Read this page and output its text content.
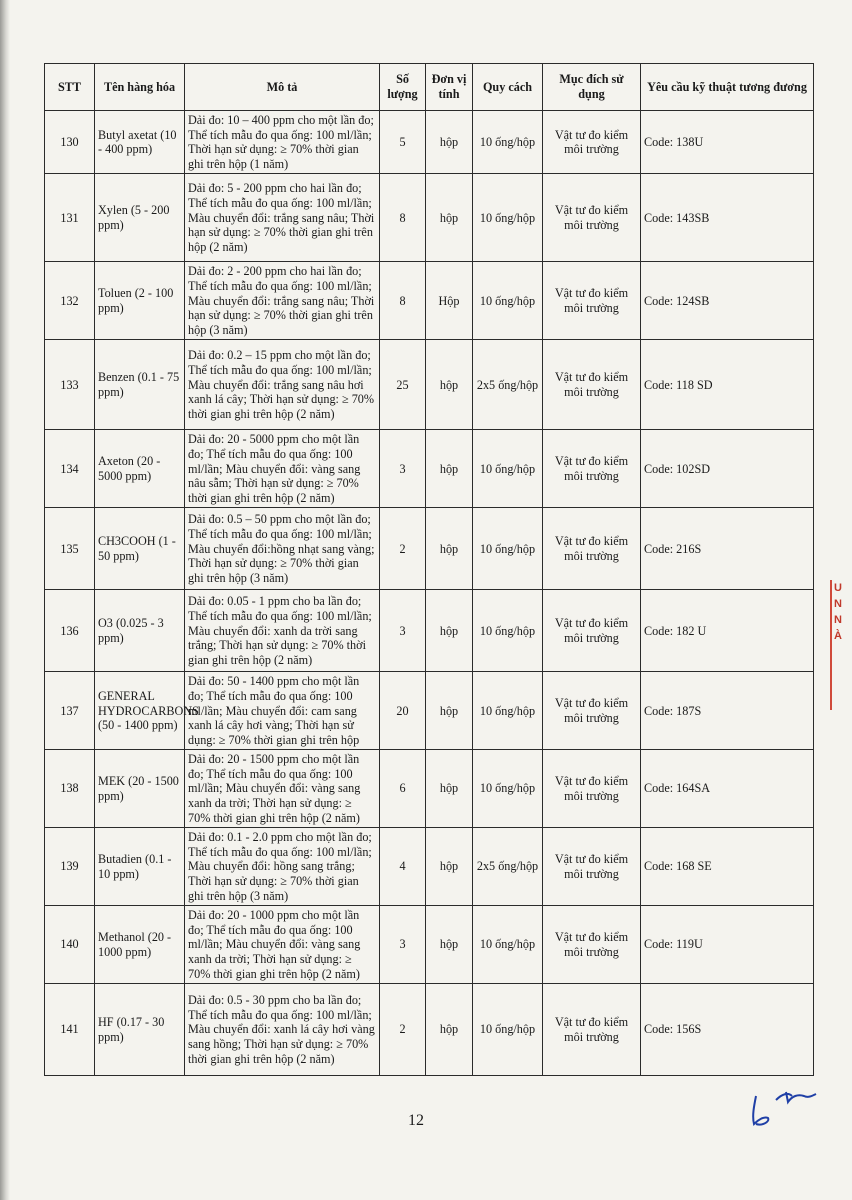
STT	Tên hàng hóa	Mô tả	Số lượng	Đơn vị tính	Quy cách	Mục đích sử dụng	Yêu cầu kỹ thuật tương đương
130	Butyl axetat (10 - 400 ppm)	Dải đo: 10 – 400 ppm cho một lần đo; Thể tích mẫu đo qua ống: 100 ml/lần; Thời hạn sử dụng: ≥ 70% thời gian ghi trên hộp (1 năm)	5	hộp	10 ống/hộp	Vật tư đo kiểm môi trường	Code: 138U
131	Xylen (5 - 200 ppm)	Dải đo: 5 - 200 ppm cho hai lần đo; Thể tích mẫu đo qua ống: 100 ml/lần; Màu chuyển đổi: trắng sang nâu; Thời hạn sử dụng: ≥ 70% thời gian ghi trên hộp (2 năm)	8	hộp	10 ống/hộp	Vật tư đo kiểm môi trường	Code: 143SB
132	Toluen (2 - 100 ppm)	Dải đo: 2 - 200 ppm cho hai lần đo; Thể tích mẫu đo qua ống: 100 ml/lần; Màu chuyển đổi: trắng sang nâu; Thời hạn sử dụng: ≥ 70% thời gian ghi trên hộp (3 năm)	8	Hộp	10 ống/hộp	Vật tư đo kiểm môi trường	Code: 124SB
133	Benzen (0.1 - 75 ppm)	Dải đo: 0.2 – 15 ppm cho một lần đo; Thể tích mẫu đo qua ống: 100 ml/lần; Màu chuyển đổi: trắng sang nâu hơi xanh lá cây; Thời hạn sử dụng: ≥ 70% thời gian ghi trên hộp (2 năm)	25	hộp	2x5 ống/hộp	Vật tư đo kiểm môi trường	Code: 118 SD
134	Axeton (20 - 5000 ppm)	Dải đo: 20 - 5000 ppm cho một lần đo; Thể tích mẫu đo qua ống: 100 ml/lần; Màu chuyển đổi: vàng sang nâu sẫm; Thời hạn sử dụng: ≥ 70% thời gian ghi trên hộp (2 năm)	3	hộp	10 ống/hộp	Vật tư đo kiểm môi trường	Code: 102SD
135	CH3COOH (1 - 50 ppm)	Dải đo: 0.5 – 50 ppm cho một lần đo; Thể tích mẫu đo qua ống: 100 ml/lần; Màu chuyển đổi:hồng nhạt sang vàng; Thời hạn sử dụng: ≥ 70% thời gian ghi trên hộp (3 năm)	2	hộp	10 ống/hộp	Vật tư đo kiểm môi trường	Code: 216S
136	O3 (0.025 - 3 ppm)	Dải đo: 0.05 - 1 ppm cho ba lần đo; Thể tích mẫu đo qua ống: 100 ml/lần; Màu chuyển đổi: xanh da trời sang trắng; Thời hạn sử dụng: ≥ 70% thời gian ghi trên hộp (2 năm)	3	hộp	10 ống/hộp	Vật tư đo kiểm môi trường	Code: 182 U
137	GENERAL HYDROCARBONS (50 - 1400 ppm)	Dải đo: 50 - 1400 ppm cho một lần đo; Thể tích mẫu đo qua ống: 100 ml/lần; Màu chuyển đổi: cam sang xanh lá cây hơi vàng; Thời hạn sử dụng: ≥ 70% thời gian ghi trên hộp	20	hộp	10 ống/hộp	Vật tư đo kiểm môi trường	Code: 187S
138	MEK (20 - 1500 ppm)	Dải đo: 20 - 1500 ppm cho một lần đo; Thể tích mẫu đo qua ống: 100 ml/lần; Màu chuyển đổi: vàng sang xanh da trời; Thời hạn sử dụng: ≥ 70% thời gian ghi trên hộp (2 năm)	6	hộp	10 ống/hộp	Vật tư đo kiểm môi trường	Code: 164SA
139	Butadien (0.1 - 10 ppm)	Dải đo: 0.1 - 2.0 ppm cho một lần đo; Thể tích mẫu đo qua ống: 100 ml/lần; Màu chuyển đổi: hồng sang trắng; Thời hạn sử dụng: ≥ 70% thời gian ghi trên hộp (3 năm)	4	hộp	2x5 ống/hộp	Vật tư đo kiểm môi trường	Code: 168 SE
140	Methanol (20 - 1000 ppm)	Dải đo: 20 - 1000 ppm cho một lần đo; Thể tích mẫu đo qua ống: 100 ml/lần; Màu chuyển đổi: vàng sang xanh da trời; Thời hạn sử dụng: ≥ 70% thời gian ghi trên hộp (2 năm)	3	hộp	10 ống/hộp	Vật tư đo kiểm môi trường	Code: 119U
141	HF (0.17 - 30 ppm)	Dải đo: 0.5 - 30 ppm cho ba lần đo; Thể tích mẫu đo qua ống: 100 ml/lần; Màu chuyển đổi: xanh lá cây hơi vàng sang hồng; Thời hạn sử dụng: ≥ 70% thời gian ghi trên hộp (2 năm)	2	hộp	10 ống/hộp	Vật tư đo kiểm môi trường	Code: 156S
U N N À
12
